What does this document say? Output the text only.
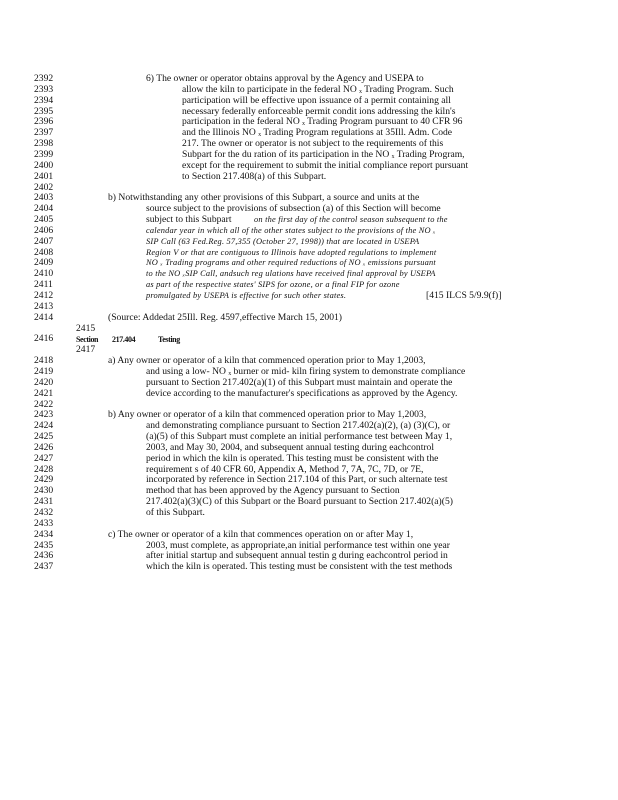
2392	6) The owner or operator obtains approval by the Agency and USEPA to
2393	allow the kiln to participate in the federal NO ₓ Trading Program. Such
2394	participation will be effective upon issuance of a permit containing all
2395	necessary federally enforceable permit condit ions addressing the kiln's
2396	participation in the federal NO ₓ Trading Program pursuant to 40 CFR 96
2397	and the Illinois NO ₓ Trading Program regulations at 35Ill. Adm. Code
2398	217. The owner or operator is not subject to the requirements of this
2399	Subpart for the du ration of its participation in the NO ₓ Trading Program,
2400	except for the requirement to submit the initial compliance report pursuant
2401	to Section 217.408(a) of this Subpart.
2402
2403	b) Notwithstanding any other provisions of this Subpart, a source and units at the
2404	source subject to the provisions of subsection (a) of this Section will become
2405	subject to this Subpart	on the first day of the control season subsequent to the
2406	calendar year in which all of the other states subject to the provisions of the NO ₓ
2407	SIP Call (63 Fed.Reg. 57,355 (October 27, 1998)) that are located in USEPA
2408	Region V or that are contiguous to Illinois have adopted regulations to implement
2409	NO ₓ Trading programs and other required reductions of NO ₓ emissions pursuant
2410	to the NO ₓSIP Call, andsuch reg ulations have received final approval by USEPA
2411	as part of the respective states' SIPS for ozone, or a final FIP for ozone
2412	promulgated by USEPA is effective for such other states.	[415 ILCS 5/9.9(f)]
2413
2414	(Source: Addedat 25Ill. Reg. 4597,effective March 15, 2001)
2415
2416
2417
2418	a) Any owner or operator of a kiln that commenced operation prior to May 1,2003,
2419	and using a low- NO ₓ burner or mid- kiln firing system to demonstrate compliance
2420	pursuant to Section 217.402(a)(1) of this Subpart must maintain and operate the
2421	device according to the manufacturer's specifications as approved by the Agency.
2422
2423	b) Any owner or operator of a kiln that commenced operation prior to May 1,2003,
2424	and demonstrating compliance pursuant to Section 217.402(a)(2), (a) (3)(C), or
2425	(a)(5) of this Subpart must complete an initial performance test between May 1,
2426	2003, and May 30, 2004, and subsequent annual testing during eachcontrol
2427	period in which the kiln is operated. This testing must be consistent with the
2428	requirement s of 40 CFR 60, Appendix A, Method 7, 7A, 7C, 7D, or 7E,
2429	incorporated by reference in Section 217.104 of this Part, or such alternate test
2430	method that has been approved by the Agency pursuant to Section
2431	217.402(a)(3)(C) of this Subpart or the Board pursuant to Section 217.402(a)(5)
2432	of this Subpart.
2433
2434	c) The owner or operator of a kiln that commences operation on or after May 1,
2435	2003, must complete, as appropriate,an initial performance test within one year
2436	after initial startup and subsequent annual testin g during eachcontrol period in
2437	which the kiln is operated. This testing must be consistent with the test methods
Section 217.404	Testing
